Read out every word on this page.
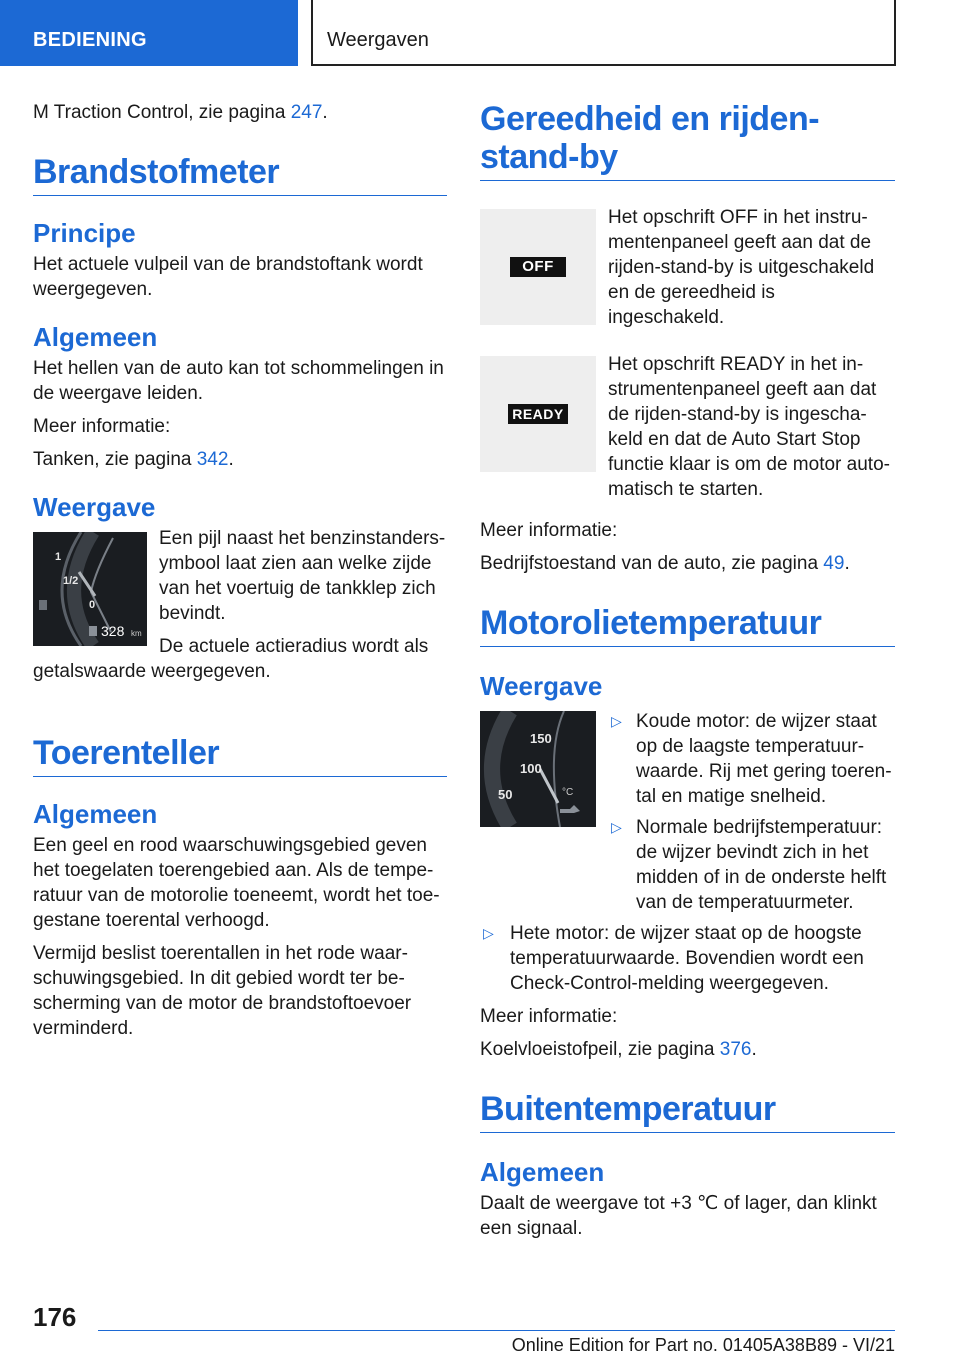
BEDIENING	Weergaven

M Traction Control, zie pagina 247.

Brandstofmeter
Principe

Het actuele vulpeil van de brandstoftank wordt weergegeven.

Algemeen

Het hellen van de auto kan tot schommelingen in de weergave leiden.

Meer informatie:

Tanken, zie pagina 342.

Weergave
1
1/2
0
328 km

Een pijl naast het benzinstanders-ymbool laat zien aan welke zijde van het voertuig de tankklep zich bevindt.

De actuele actieradius wordt als getalswaarde weergegeven.

Toerenteller
Algemeen

Een geel en rood waarschuwingsgebied geven het toegelaten toerengebied aan. Als de tempe-ratuur van de motorolie toeneemt, wordt het toe-gestane toerental verhoogd.

Vermijd beslist toerentallen in het rode waar-schuwingsgebied. In dit gebied wordt ter be-scherming van de motor de brandstoftoevoer verminderd.

Gereedheid en rijden-stand-by
OFF

Het opschrift OFF in het instru-mentenpaneel geeft aan dat de rijden-stand-by is uitgeschakeld en de gereedheid is ingeschakeld.

READY

Het opschrift READY in het in-strumentenpaneel geeft aan dat de rijden-stand-by is ingescha-keld en dat de Auto Start Stop functie klaar is om de motor auto-matisch te starten.

Meer informatie:

Bedrijfstoestand van de auto, zie pagina 49.

Motorolietemperatuur
Weergave
150
100
50	°C
▷ Koude motor: de wijzer staat op de laagste temperatuur-waarde. Rij met gering toeren-tal en matige snelheid.
▷ Normale bedrijfstemperatuur: de wijzer bevindt zich in het midden of in de onderste helft van de temperatuurmeter.
▷ Hete motor: de wijzer staat op de hoogste temperatuurwaarde. Bovendien wordt een Check-Control-melding weergegeven.

Meer informatie:

Koelvloeistofpeil, zie pagina 376.

Buitentemperatuur
Algemeen

Daalt de weergave tot +3 ℃ of lager, dan klinkt een signaal.

176
Online Edition for Part no. 01405A38B89 - VI/21
